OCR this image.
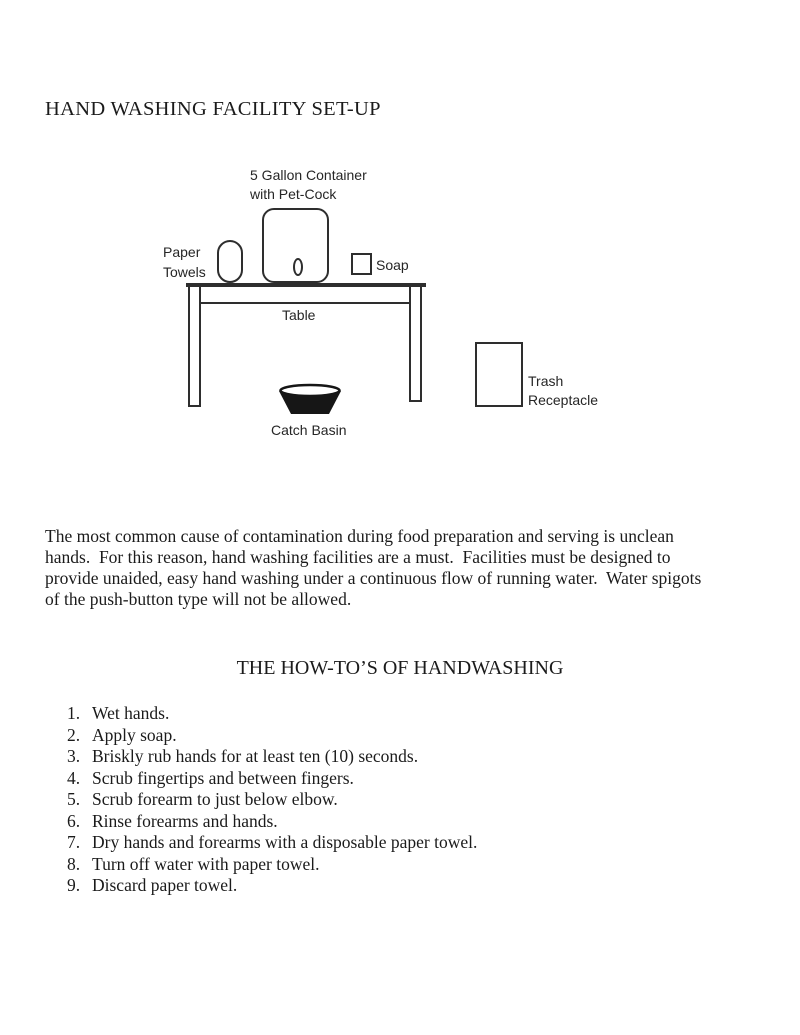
HAND WASHING FACILITY SET-UP
5 Gallon Container
with Pet-Cock
Paper
Towels	Soap
Table
Catch Basin
Trash
Receptacle
The most common cause of contamination during food preparation and serving is unclean
hands.  For this reason, hand washing facilities are a must.  Facilities must be designed to
provide unaided, easy hand washing under a continuous flow of running water.  Water spigots
of the push-button type will not be allowed.
THE HOW-TO’S OF HANDWASHING
1. Wet hands.
2. Apply soap.
3. Briskly rub hands for at least ten (10) seconds.
4. Scrub fingertips and between fingers.
5. Scrub forearm to just below elbow.
6. Rinse forearms and hands.
7. Dry hands and forearms with a disposable paper towel.
8. Turn off water with paper towel.
9. Discard paper towel.
